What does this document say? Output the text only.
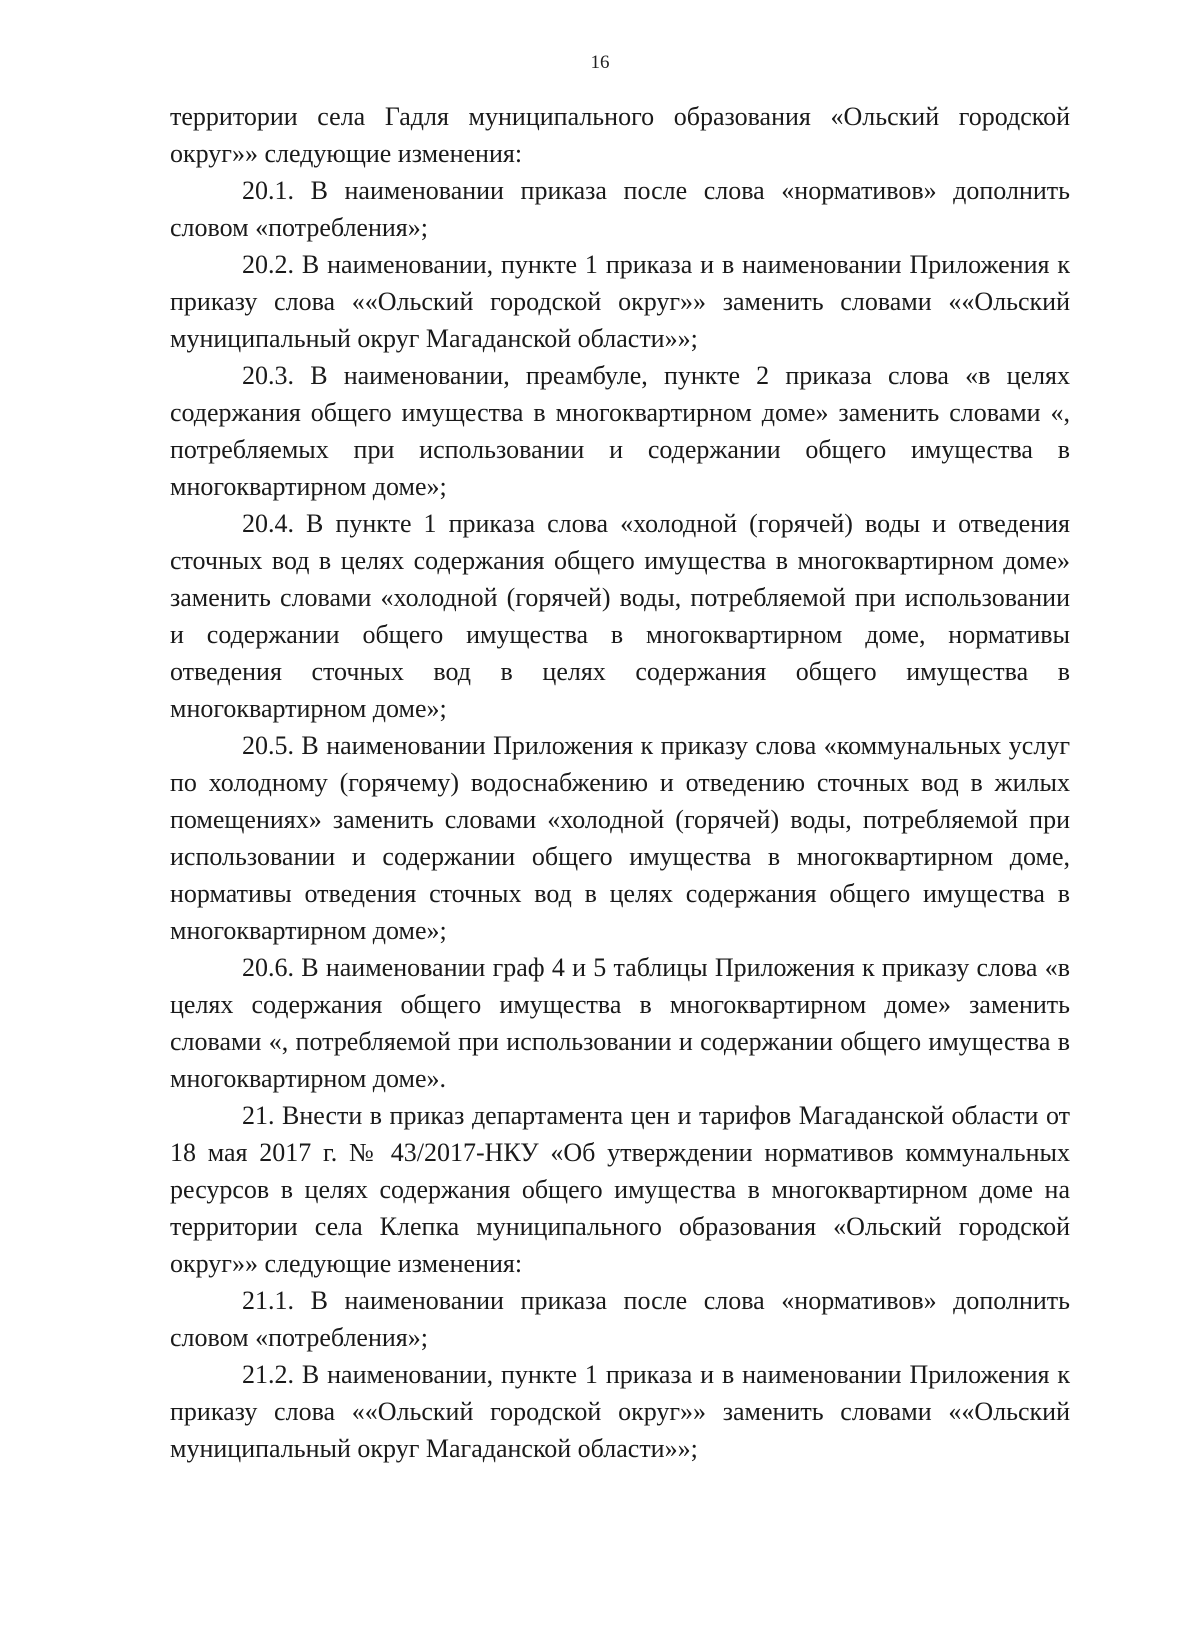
16

территории села Гадля муниципального образования «Ольский городской округ»» следующие изменения:

20.1. В наименовании приказа после слова «нормативов» дополнить словом «потребления»;

20.2. В наименовании, пункте 1 приказа и в наименовании Приложения к приказу слова ««Ольский городской округ»» заменить словами ««Ольский муниципальный округ Магаданской области»»;

20.3. В наименовании, преамбуле, пункте 2 приказа слова «в целях содержания общего имущества в многоквартирном доме» заменить словами «, потребляемых при использовании и содержании общего имущества в многоквартирном доме»;

20.4. В пункте 1 приказа слова «холодной (горячей) воды и отведения сточных вод в целях содержания общего имущества в многоквартирном доме» заменить словами «холодной (горячей) воды, потребляемой при использовании и содержании общего имущества в многоквартирном доме, нормативы отведения сточных вод в целях содержания общего имущества в многоквартирном доме»;

20.5. В наименовании Приложения к приказу слова «коммунальных услуг по холодному (горячему) водоснабжению и отведению сточных вод в жилых помещениях» заменить словами «холодной (горячей) воды, потребляемой при использовании и содержании общего имущества в многоквартирном доме, нормативы отведения сточных вод в целях содержания общего имущества в многоквартирном доме»;

20.6. В наименовании граф 4 и 5 таблицы Приложения к приказу слова «в целях содержания общего имущества в многоквартирном доме» заменить словами «, потребляемой при использовании и содержании общего имущества в многоквартирном доме».

21. Внести в приказ департамента цен и тарифов Магаданской области от 18 мая 2017 г. № 43/2017-НКУ «Об утверждении нормативов коммунальных ресурсов в целях содержания общего имущества в многоквартирном доме на территории села Клепка муниципального образования «Ольский городской округ»» следующие изменения:

21.1. В наименовании приказа после слова «нормативов» дополнить словом «потребления»;

21.2. В наименовании, пункте 1 приказа и в наименовании Приложения к приказу слова ««Ольский городской округ»» заменить словами ««Ольский муниципальный округ Магаданской области»»;
